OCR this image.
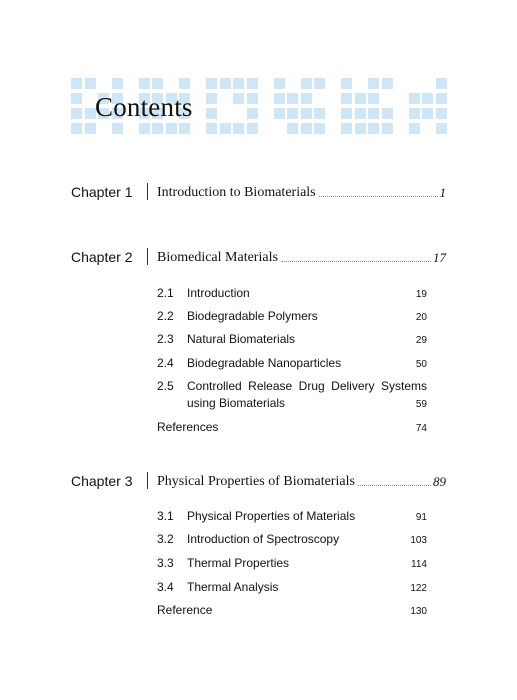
Contents
Chapter 1 Introduction to Biomaterials	1
Chapter 2 Biomedical Materials	17
2.1 Introduction	19
2.2 Biodegradable Polymers	20
2.3 Natural Biomaterials	29
2.4 Biodegradable Nanoparticles	50
2.5 Controlled Release Drug Delivery Systems using Biomaterials	59
References	74
Chapter 3 Physical Properties of Biomaterials	89
3.1 Physical Properties of Materials	91
3.2 Introduction of Spectroscopy	103
3.3 Thermal Properties	114
3.4 Thermal Analysis	122
Reference	130
